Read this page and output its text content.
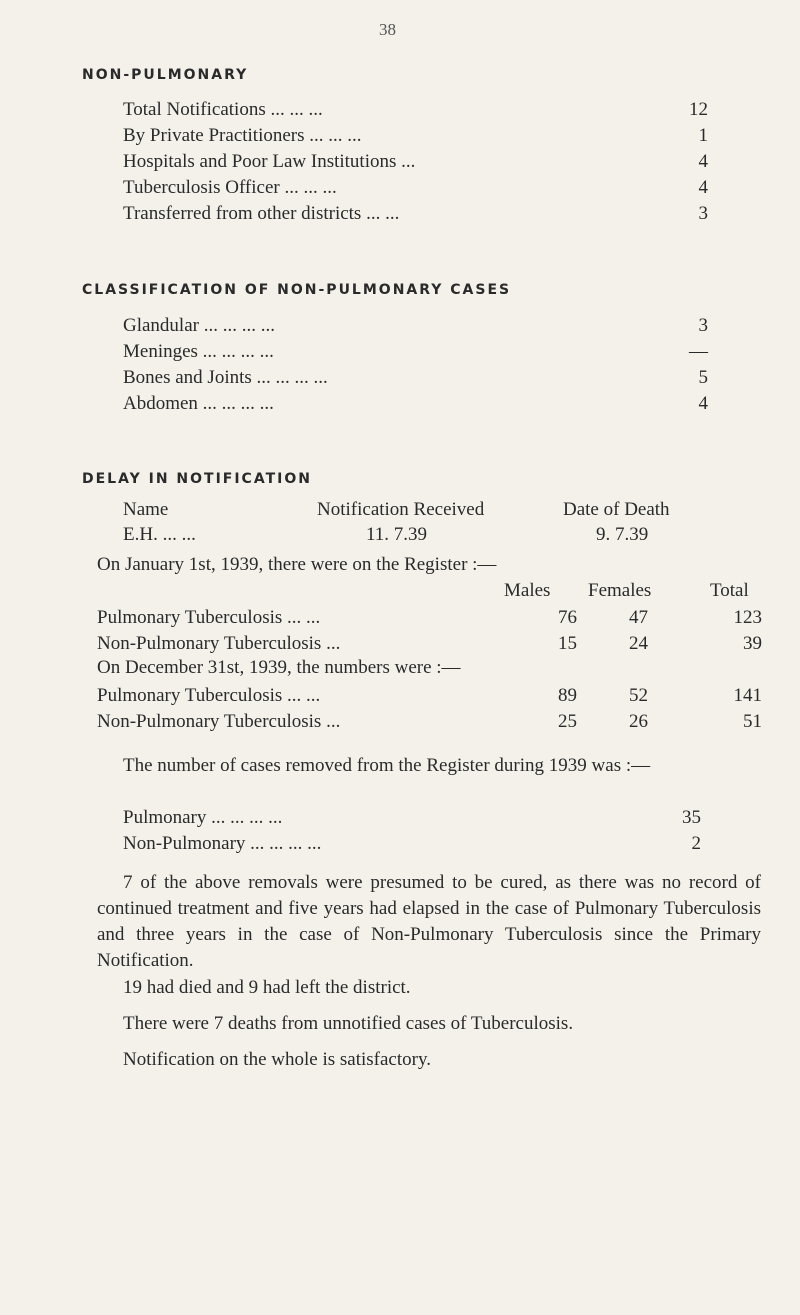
38
NON-PULMONARY
Total Notifications ... ... ...	12
By Private Practitioners ... ... ...	1
Hospitals and Poor Law Institutions ...	4
Tuberculosis Officer ... ... ...	4
Transferred from other districts ... ...	3
CLASSIFICATION OF NON-PULMONARY CASES
Glandular ... ... ... ...	3
Meninges ... ... ... ...	—
Bones and Joints ... ... ... ...	5
Abdomen ... ... ... ...	4
DELAY IN NOTIFICATION
Name	Notification Received	Date of Death
E.H. ... ...	11. 7.39	9. 7.39
On January 1st, 1939, there were on the Register :—
Males Females	Total
Pulmonary Tuberculosis ... ...	76	47	123
Non-Pulmonary Tuberculosis ...	15	24	39
On December 31st, 1939, the numbers were :—
Pulmonary Tuberculosis ... ...	89	52	141
Non-Pulmonary Tuberculosis ...	25	26	51
The number of cases removed from the Register during 1939 was :—
Pulmonary ... ... ... ...	35
Non-Pulmonary ... ... ... ...	2
7 of the above removals were presumed to be cured, as there was no record of continued treatment and five years had elapsed in the case of Pulmonary Tuberculosis and three years in the case of Non-Pulmonary Tuberculosis since the Primary Notification.
19 had died and 9 had left the district.
There were 7 deaths from unnotified cases of Tuberculosis.
Notification on the whole is satisfactory.
